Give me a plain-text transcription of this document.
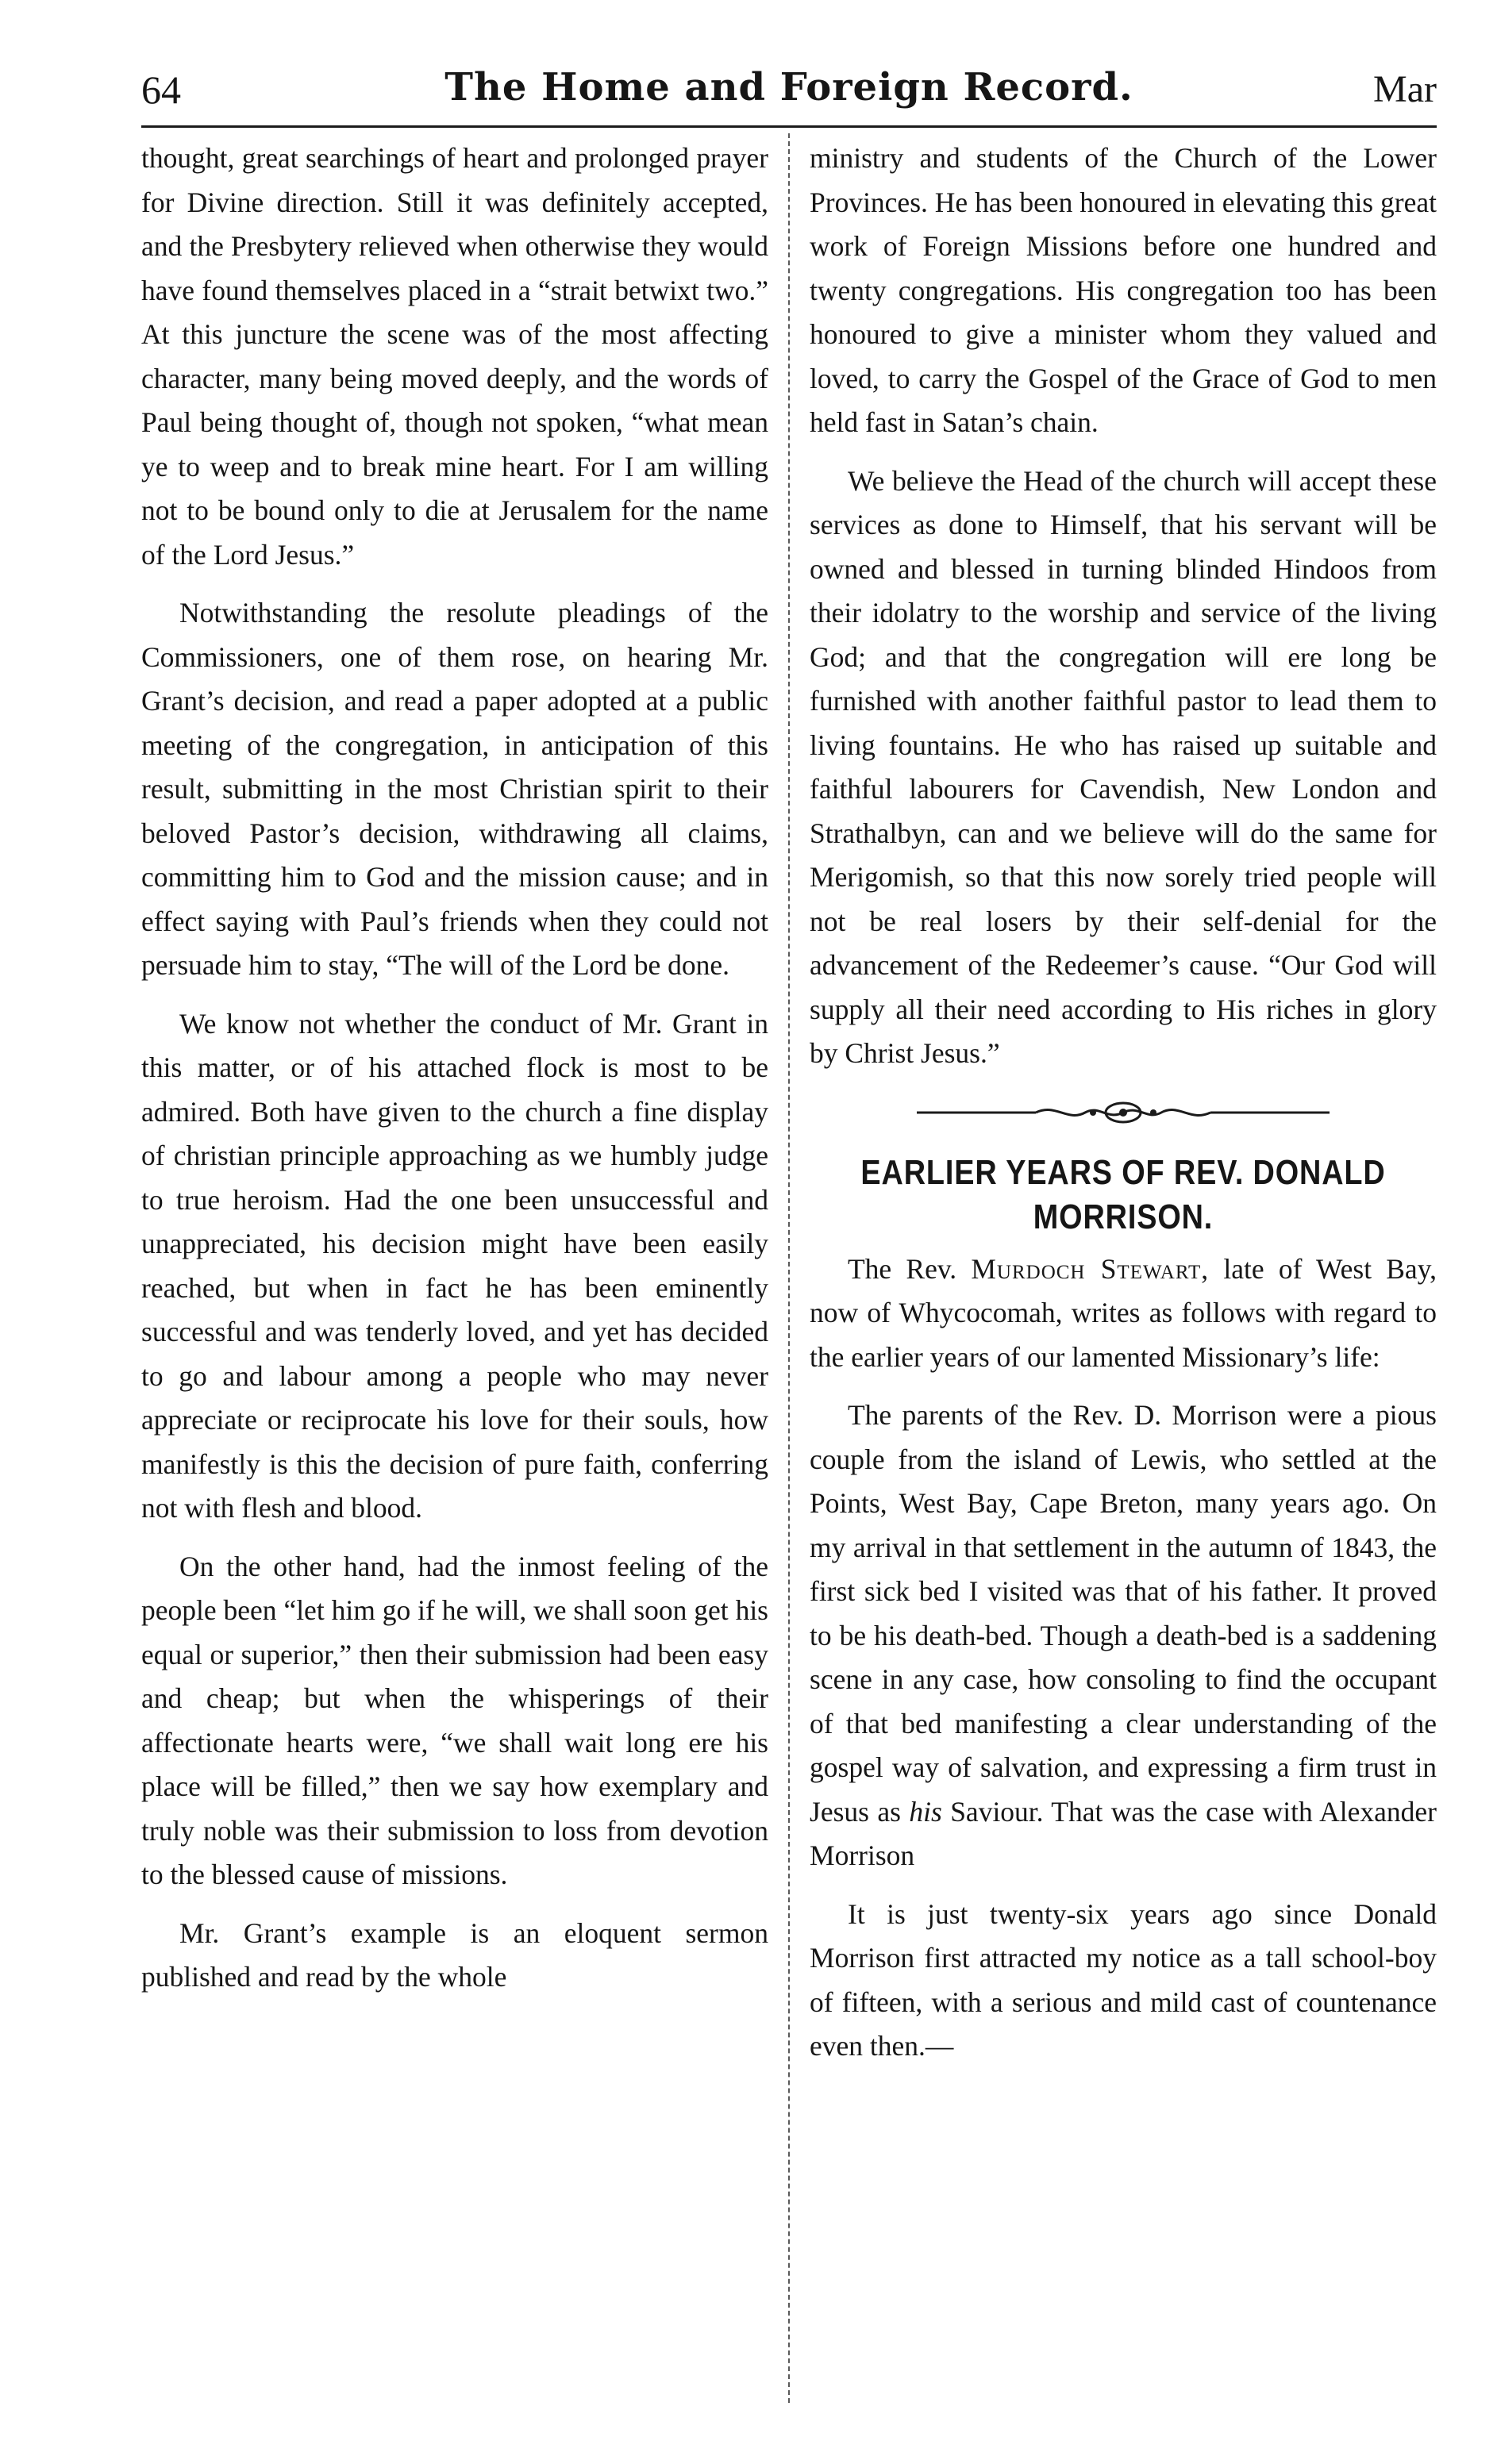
64	The Home and Foreign Record.	Mar

thought, great searchings of heart and prolonged prayer for Divine direction. Still it was definitely accepted, and the Presbytery relieved when otherwise they would have found themselves placed in a “strait betwixt two.” At this juncture the scene was of the most affecting character, many being moved deeply, and the words of Paul being thought of, though not spoken, “what mean ye to weep and to break mine heart. For I am willing not to be bound only to die at Jerusalem for the name of the Lord Jesus.”

Notwithstanding the resolute pleadings of the Commissioners, one of them rose, on hearing Mr. Grant’s decision, and read a paper adopted at a public meeting of the congregation, in anticipation of this result, submitting in the most Christian spirit to their beloved Pastor’s decision, withdrawing all claims, committing him to God and the mission cause; and in effect saying with Paul’s friends when they could not persuade him to stay, “The will of the Lord be done.

We know not whether the conduct of Mr. Grant in this matter, or of his attached flock is most to be admired. Both have given to the church a fine display of christian principle approaching as we humbly judge to true heroism. Had the one been unsuccessful and unappreciated, his decision might have been easily reached, but when in fact he has been eminently successful and was tenderly loved, and yet has decided to go and labour among a people who may never appreciate or reciprocate his love for their souls, how manifestly is this the decision of pure faith, conferring not with flesh and blood.

On the other hand, had the inmost feeling of the people been “let him go if he will, we shall soon get his equal or superior,” then their submission had been easy and cheap; but when the whisperings of their affectionate hearts were, “we shall wait long ere his place will be filled,” then we say how exemplary and truly noble was their submission to loss from devotion to the blessed cause of missions.

Mr. Grant’s example is an eloquent sermon published and read by the whole

ministry and students of the Church of the Lower Provinces. He has been honoured in elevating this great work of Foreign Missions before one hundred and twenty congregations. His congregation too has been honoured to give a minister whom they valued and loved, to carry the Gospel of the Grace of God to men held fast in Satan’s chain.

We believe the Head of the church will accept these services as done to Himself, that his servant will be owned and blessed in turning blinded Hindoos from their idolatry to the worship and service of the living God; and that the congregation will ere long be furnished with another faithful pastor to lead them to living fountains. He who has raised up suitable and faithful labourers for Cavendish, New London and Strathalbyn, can and we believe will do the same for Merigomish, so that this now sorely tried people will not be real losers by their self-denial for the advancement of the Redeemer’s cause. “Our God will supply all their need according to His riches in glory by Christ Jesus.”

EARLIER YEARS OF REV. DONALD
MORRISON.

The Rev. Murdoch Stewart, late of West Bay, now of Whycocomah, writes as follows with regard to the earlier years of our lamented Missionary’s life:

The parents of the Rev. D. Morrison were a pious couple from the island of Lewis, who settled at the Points, West Bay, Cape Breton, many years ago. On my arrival in that settlement in the autumn of 1843, the first sick bed I visited was that of his father. It proved to be his death-bed. Though a death-bed is a saddening scene in any case, how consoling to find the occupant of that bed manifesting a clear understanding of the gospel way of salvation, and expressing a firm trust in Jesus as his Saviour. That was the case with Alexander Morrison

It is just twenty-six years ago since Donald Morrison first attracted my notice as a tall school-boy of fifteen, with a serious and mild cast of countenance even then.—
